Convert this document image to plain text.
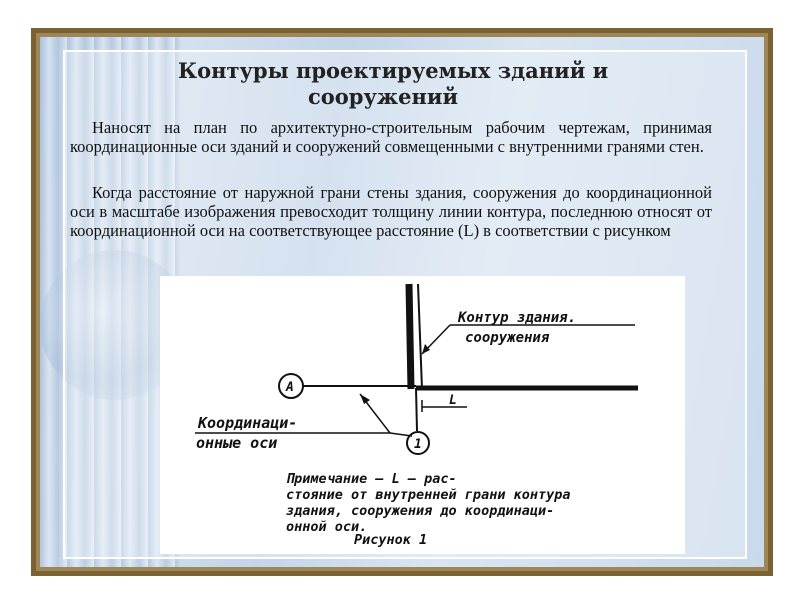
Контуры проектируемых зданий и
сооружений
Наносят на план по архитектурно-строительным рабочим чертежам, принимая координационные оси зданий и сооружений совмещенными с внутренними гранями стен.
Когда расстояние от наружной грани стены здания, сооружения до координационной оси в масштабе изображения превосходит толщину линии контура, последнюю относят от координационной оси на соответствующее расстояние (L) в соответствии с рисунком
А
1
L
Контур здания.
сооружения
Координаци-
онные оси
Примечание — L — рас-
стояние от внутренней грани контура
здания, сооружения до координаци-
онной оси.
Рисунок 1
